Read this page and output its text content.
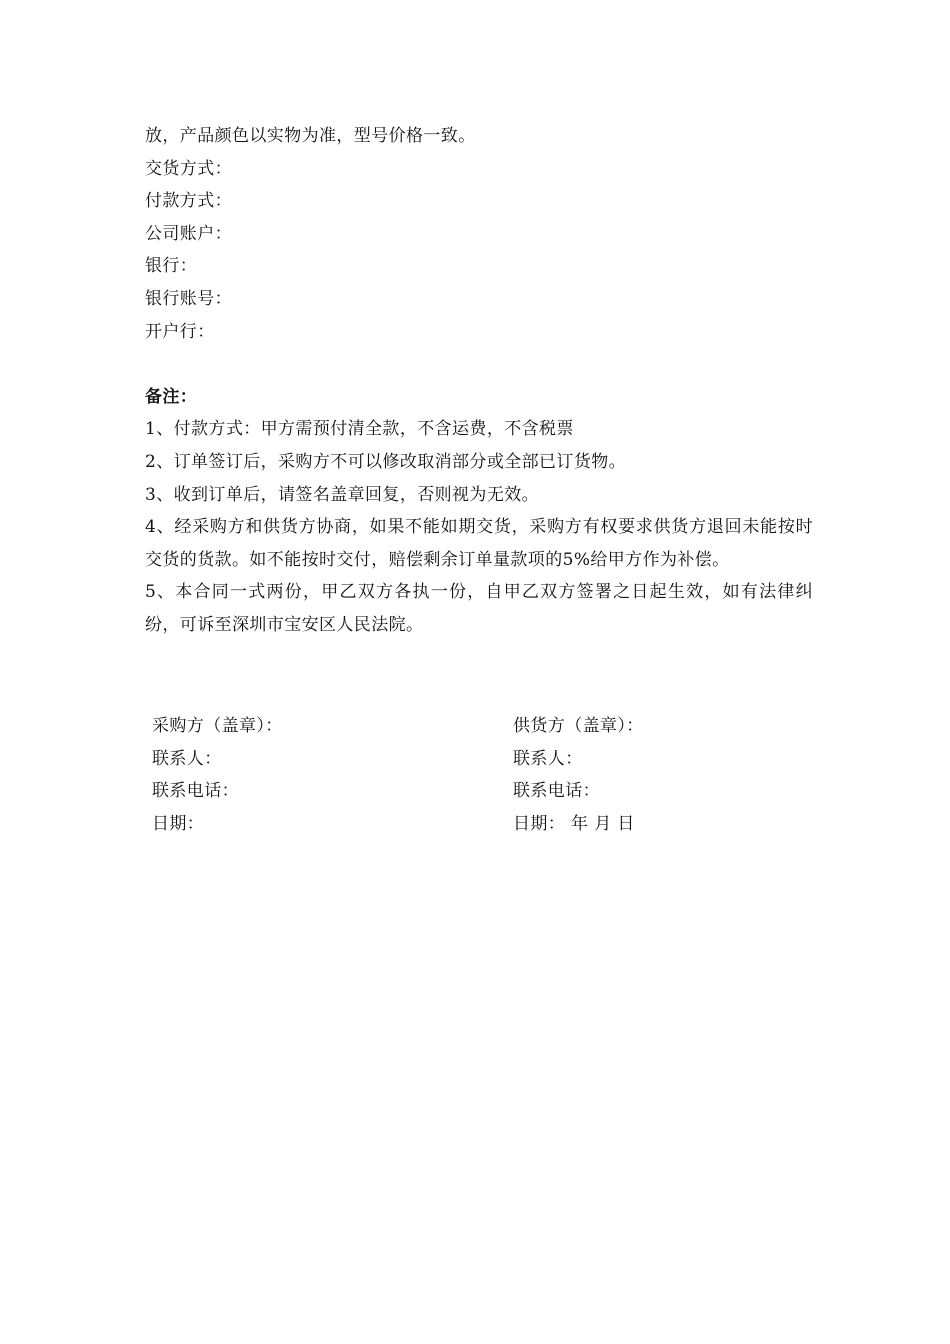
放，产品颜色以实物为准，型号价格一致。
交货方式：
付款方式：
公司账户：
银行：
银行账号：
开户行：
备注：
1、付款方式：甲方需预付清全款，不含运费，不含税票
2、订单签订后，采购方不可以修改取消部分或全部已订货物。
3、收到订单后，请签名盖章回复，否则视为无效。
4、经采购方和供货方协商，如果不能如期交货，采购方有权要求供货方退回未能按时交货的货款。如不能按时交付，赔偿剩余订单量款项的5%给甲方作为补偿。
5、本合同一式两份，甲乙双方各执一份，自甲乙双方签署之日起生效，如有法律纠纷，可诉至深圳市宝安区人民法院。
采购方（盖章）：
联系人：
联系电话：
日期：
供货方（盖章）：
联系人：
联系电话：
日期： 年 月 日
